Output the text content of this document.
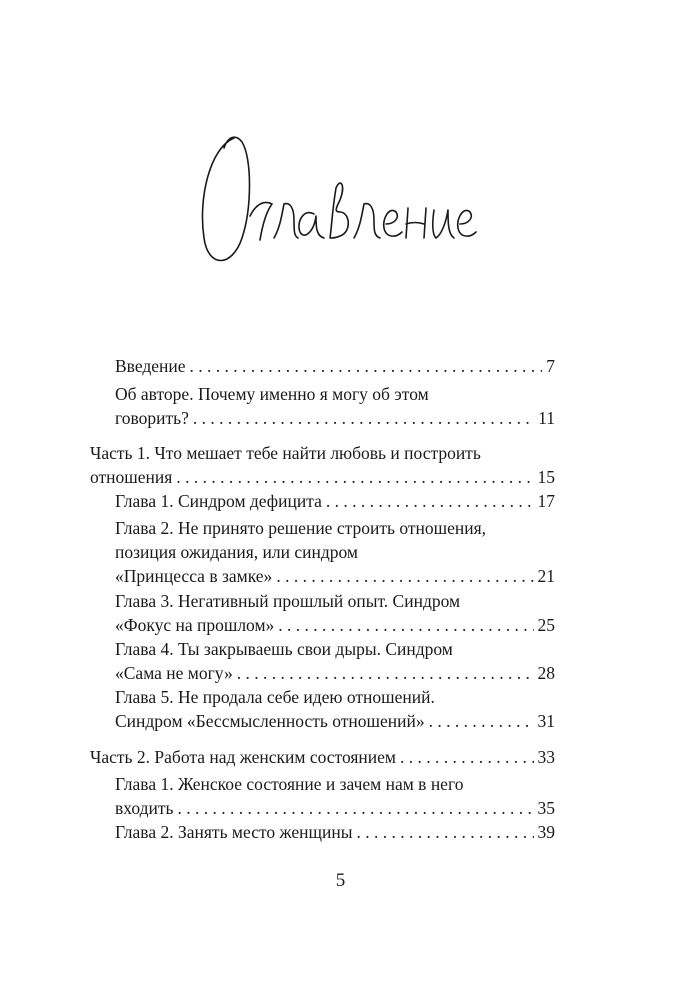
Введение . . .	7
Об авторе. Почему именно я могу об этом
говорить? . . .	11
Часть 1. Что мешает тебе найти любовь и построить
отношения . . .	15
Глава 1. Синдром дефицита . . .	17
Глава 2. Не принято решение строить отношения,
позиция ожидания, или синдром
«Принцесса в замке» . . .	21
Глава 3. Негативный прошлый опыт. Синдром
«Фокус на прошлом» . . .	25
Глава 4. Ты закрываешь свои дыры. Синдром
«Сама не могу» . . .	28
Глава 5. Не продала себе идею отношений.
Синдром «Бессмысленность отношений» . . .	31
Часть 2. Работа над женским состоянием . . .	33
Глава 1. Женское состояние и зачем нам в него
входить . . .	35
Глава 2. Занять место женщины . . .	39
5
